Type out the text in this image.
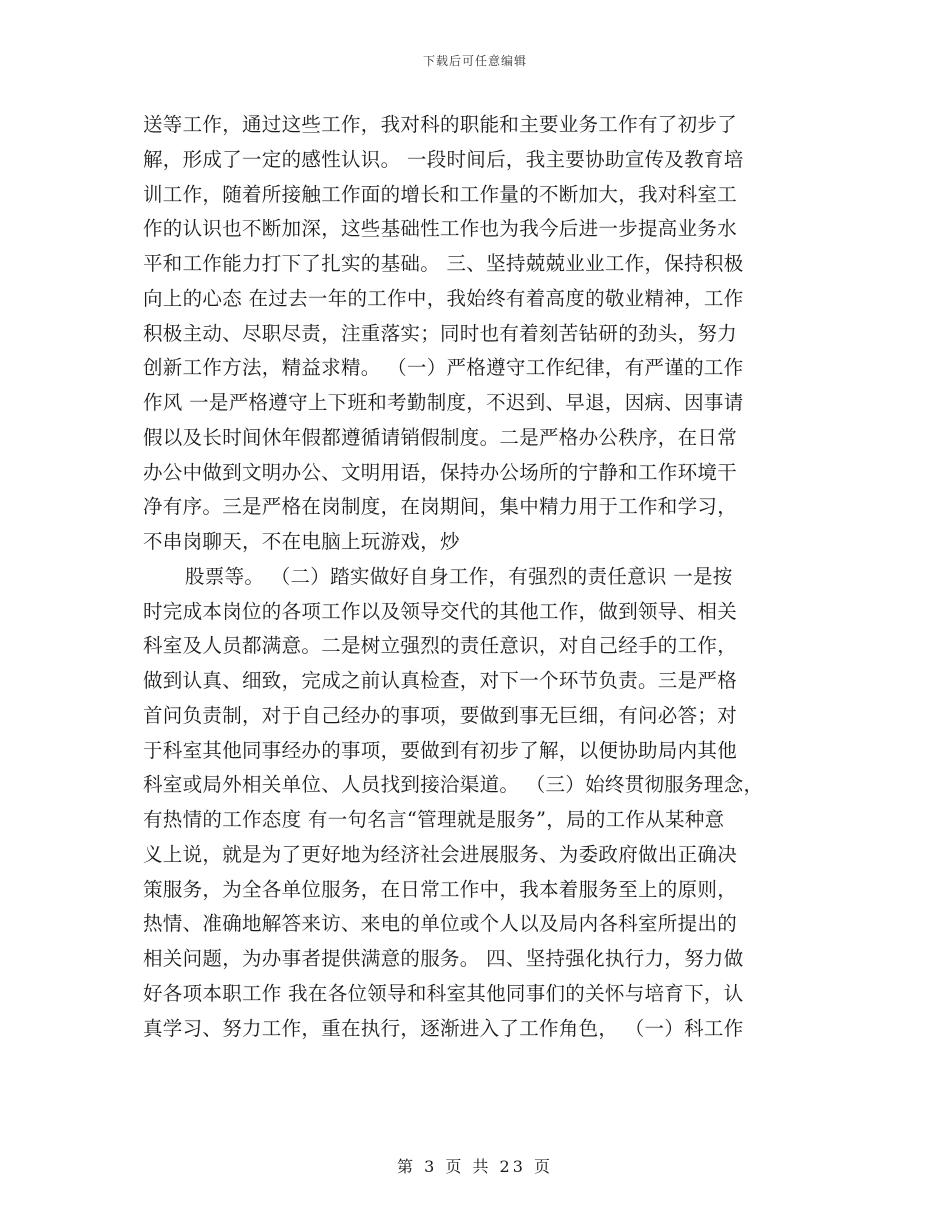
下载后可任意编辑
送等工作，通过这些工作，我对科的职能和主要业务工作有了初步了
解，形成了一定的感性认识。 一段时间后，我主要协助宣传及教育培
训工作，随着所接触工作面的增长和工作量的不断加大，我对科室工
作的认识也不断加深，这些基础性工作也为我今后进一步提高业务水
平和工作能力打下了扎实的基础。 三、坚持兢兢业业工作，保持积极
向上的心态 在过去一年的工作中，我始终有着高度的敬业精神，工作
积极主动、尽职尽责，注重落实；同时也有着刻苦钻研的劲头，努力
创新工作方法，精益求精。 （一）严格遵守工作纪律，有严谨的工作
作风 一是严格遵守上下班和考勤制度，不迟到、早退，因病、因事请
假以及长时间休年假都遵循请销假制度。二是严格办公秩序，在日常
办公中做到文明办公、文明用语，保持办公场所的宁静和工作环境干
净有序。三是严格在岗制度，在岗期间，集中精力用于工作和学习，
不串岗聊天，不在电脑上玩游戏，炒
股票等。 （二）踏实做好自身工作，有强烈的责任意识 一是按
时完成本岗位的各项工作以及领导交代的其他工作，做到领导、相关
科室及人员都满意。二是树立强烈的责任意识，对自己经手的工作，
做到认真、细致，完成之前认真检查，对下一个环节负责。三是严格
首问负责制，对于自己经办的事项，要做到事无巨细，有问必答；对
于科室其他同事经办的事项，要做到有初步了解，以便协助局内其他
科室或局外相关单位、人员找到接洽渠道。 （三）始终贯彻服务理念，
有热情的工作态度 有一句名言“管理就是服务”，局的工作从某种意
义上说，就是为了更好地为经济社会进展服务、为委政府做出正确决
策服务，为全各单位服务，在日常工作中，我本着服务至上的原则，
热情、准确地解答来访、来电的单位或个人以及局内各科室所提出的
相关问题，为办事者提供满意的服务。 四、坚持强化执行力，努力做
好各项本职工作 我在各位领导和科室其他同事们的关怀与培育下，认
真学习、努力工作，重在执行，逐渐进入了工作角色， （一）科工作
第 3 页 共 23 页
